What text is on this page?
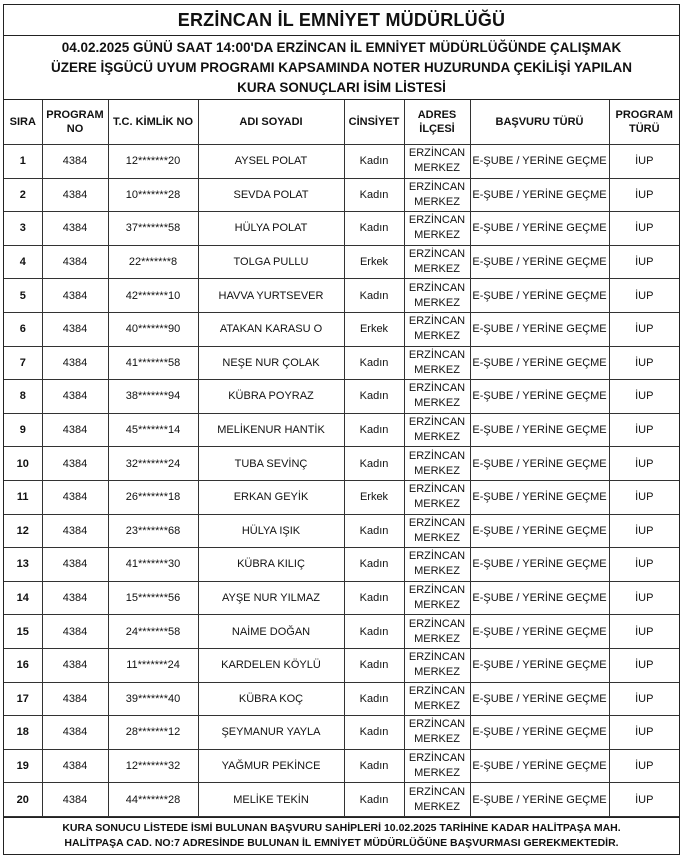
ERZİNCAN İL EMNİYET MÜDÜRLÜĞÜ
04.02.2025 GÜNÜ SAAT 14:00'DA ERZİNCAN İL EMNİYET MÜDÜRLÜĞÜNDE ÇALIŞMAK
ÜZERE İŞGÜCÜ UYUM PROGRAMI KAPSAMINDA NOTER HUZURUNDA ÇEKİLİŞİ YAPILAN
KURA SONUÇLARI İSİM LİSTESİ
SIRA	PROGRAM
NO	T.C. KİMLİK NO	ADI SOYADI	CİNSİYET	ADRES
İLÇESİ	BAŞVURU TÜRÜ	PROGRAM
TÜRÜ
1	4384	12*******20	AYSEL POLAT	Kadın	ERZİNCAN
MERKEZ	E-ŞUBE / YERİNE GEÇME	İUP
2	4384	10*******28	SEVDA POLAT	Kadın	ERZİNCAN
MERKEZ	E-ŞUBE / YERİNE GEÇME	İUP
3	4384	37*******58	HÜLYA POLAT	Kadın	ERZİNCAN
MERKEZ	E-ŞUBE / YERİNE GEÇME	İUP
4	4384	22*******8	TOLGA PULLU	Erkek	ERZİNCAN
MERKEZ	E-ŞUBE / YERİNE GEÇME	İUP
5	4384	42*******10	HAVVA YURTSEVER	Kadın	ERZİNCAN
MERKEZ	E-ŞUBE / YERİNE GEÇME	İUP
6	4384	40*******90	ATAKAN KARASU O	Erkek	ERZİNCAN
MERKEZ	E-ŞUBE / YERİNE GEÇME	İUP
7	4384	41*******58	NEŞE NUR ÇOLAK	Kadın	ERZİNCAN
MERKEZ	E-ŞUBE / YERİNE GEÇME	İUP
8	4384	38*******94	KÜBRA POYRAZ	Kadın	ERZİNCAN
MERKEZ	E-ŞUBE / YERİNE GEÇME	İUP
9	4384	45*******14	MELİKENUR HANTİK	Kadın	ERZİNCAN
MERKEZ	E-ŞUBE / YERİNE GEÇME	İUP
10	4384	32*******24	TUBA SEVİNÇ	Kadın	ERZİNCAN
MERKEZ	E-ŞUBE / YERİNE GEÇME	İUP
11	4384	26*******18	ERKAN GEYİK	Erkek	ERZİNCAN
MERKEZ	E-ŞUBE / YERİNE GEÇME	İUP
12	4384	23*******68	HÜLYA IŞIK	Kadın	ERZİNCAN
MERKEZ	E-ŞUBE / YERİNE GEÇME	İUP
13	4384	41*******30	KÜBRA KILIÇ	Kadın	ERZİNCAN
MERKEZ	E-ŞUBE / YERİNE GEÇME	İUP
14	4384	15*******56	AYŞE NUR YILMAZ	Kadın	ERZİNCAN
MERKEZ	E-ŞUBE / YERİNE GEÇME	İUP
15	4384	24*******58	NAİME DOĞAN	Kadın	ERZİNCAN
MERKEZ	E-ŞUBE / YERİNE GEÇME	İUP
16	4384	11*******24	KARDELEN KÖYLÜ	Kadın	ERZİNCAN
MERKEZ	E-ŞUBE / YERİNE GEÇME	İUP
17	4384	39*******40	KÜBRA KOÇ	Kadın	ERZİNCAN
MERKEZ	E-ŞUBE / YERİNE GEÇME	İUP
18	4384	28*******12	ŞEYMANUR YAYLA	Kadın	ERZİNCAN
MERKEZ	E-ŞUBE / YERİNE GEÇME	İUP
19	4384	12*******32	YAĞMUR PEKİNCE	Kadın	ERZİNCAN
MERKEZ	E-ŞUBE / YERİNE GEÇME	İUP
20	4384	44*******28	MELİKE TEKİN	Kadın	ERZİNCAN
MERKEZ	E-ŞUBE / YERİNE GEÇME	İUP
KURA SONUCU LİSTEDE İSMİ BULUNAN BAŞVURU SAHİPLERİ 10.02.2025 TARİHİNE KADAR HALİTPAŞA MAH.
HALİTPAŞA CAD. NO:7 ADRESİNDE BULUNAN İL EMNİYET MÜDÜRLÜĞÜNE BAŞVURMASI GEREKMEKTEDİR.
